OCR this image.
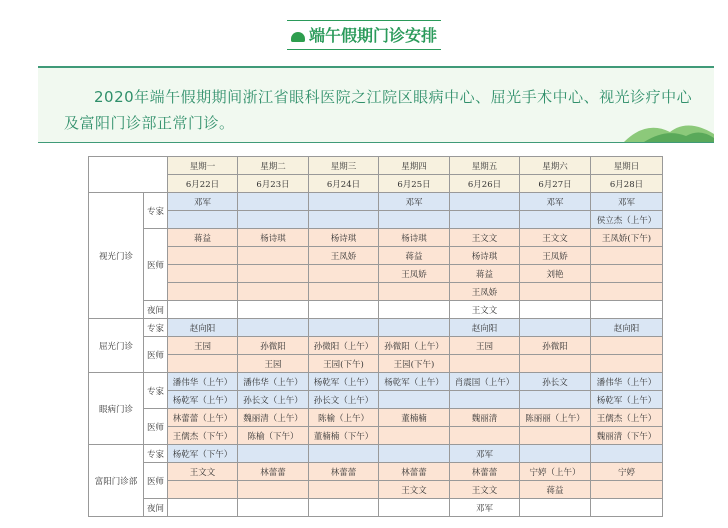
端午假期门诊安排

2020年端午假期期间浙江省眼科医院之江院区眼病中心、屈光手术中心、视光诊疗中心及富阳门诊部正常门诊。

		星期一	星期二	星期三	星期四	星期五	星期六	星期日
		6月22日	6月23日	6月24日	6月25日	6月26日	6月27日	6月28日
视光门诊	专家	邓军			邓军		邓军	邓军
								侯立杰（上午）
	医师	蒋益	杨诗琪	杨诗琪	杨诗琪	王文文	王文文	王凤娇(下午)
				王凤娇	蒋益	杨诗琪	王凤娇	
					王凤娇	蒋益	刘艳	
						王凤娇		
	夜间					王文文		
屈光门诊	专家	赵向阳				赵向阳		赵向阳
	医师	王园	孙微阳	孙微阳（上午）	孙微阳（上午）	王园	孙微阳	
			王园	王园(下午)	王园(下午)			
眼病门诊	专家	潘伟华（上午）	潘伟华（上午）	杨乾军（上午）	杨乾军（上午）	肖震国（上午）	孙长文	潘伟华（上午）
		杨乾军（上午）	孙长文（上午）	孙长文（上午）				杨乾军（上午）
	医师	林蕾蕾（上午）	魏丽清（上午）	陈榆（上午）	董楠楠	魏丽清	陈丽丽（上午）	王儒杰（上午）
		王儒杰（下午）	陈榆（下午）	董楠楠（下午）				魏丽清（下午）
富阳门诊部	专家	杨乾军（下午）				邓军		
	医师	王文文	林蕾蕾	林蕾蕾	林蕾蕾	林蕾蕾	宁婷（上午）	宁婷
					王文文	王文文	蒋益	
	夜间					邓军		
